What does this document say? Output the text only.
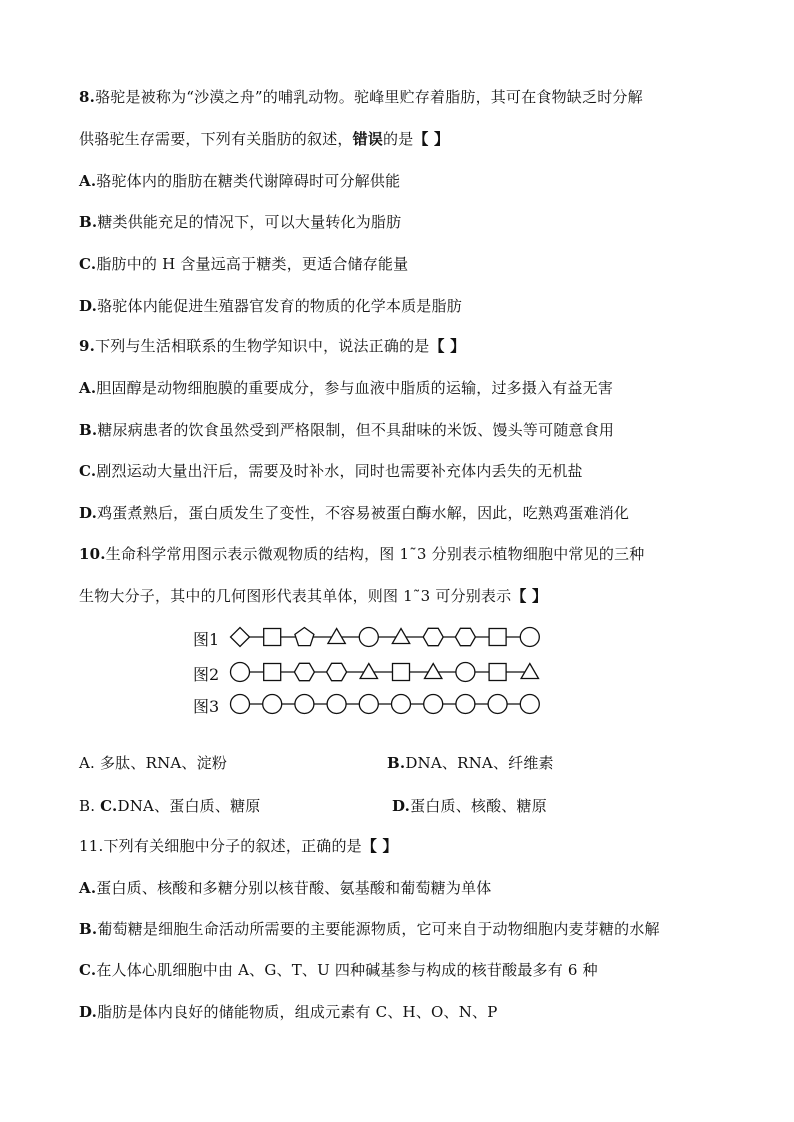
8.骆驼是被称为“沙漠之舟”的哺乳动物。驼峰里贮存着脂肪，其可在食物缺乏时分解
供骆驼生存需要，下列有关脂肪的叙述，错误的是【 】
A.骆驼体内的脂肪在糖类代谢障碍时可分解供能
B.糖类供能充足的情况下，可以大量转化为脂肪
C.脂肪中的 H 含量远高于糖类，更适合储存能量
D.骆驼体内能促进生殖器官发育的物质的化学本质是脂肪
9.下列与生活相联系的生物学知识中，说法正确的是【 】
A.胆固醇是动物细胞膜的重要成分，参与血液中脂质的运输，过多摄入有益无害
B.糖尿病患者的饮食虽然受到严格限制，但不具甜味的米饭、馒头等可随意食用
C.剧烈运动大量出汗后，需要及时补水，同时也需要补充体内丢失的无机盐
D.鸡蛋煮熟后，蛋白质发生了变性，不容易被蛋白酶水解，因此，吃熟鸡蛋难消化
10.生命科学常用图示表示微观物质的结构，图 1˜3 分别表示植物细胞中常见的三种
生物大分子，其中的几何图形代表其单体，则图 1˜3 可分别表示【 】
图1
图2
图3
A. 多肽、RNA、淀粉	B.DNA、RNA、纤维素
B. C.DNA、蛋白质、糖原	D.蛋白质、核酸、糖原
11.下列有关细胞中分子的叙述，正确的是【 】
A.蛋白质、核酸和多糖分别以核苷酸、氨基酸和葡萄糖为单体
B.葡萄糖是细胞生命活动所需要的主要能源物质，它可来自于动物细胞内麦芽糖的水解
C.在人体心肌细胞中由 A、G、T、U 四种碱基参与构成的核苷酸最多有 6 种
D.脂肪是体内良好的储能物质，组成元素有 C、H、O、N、P
